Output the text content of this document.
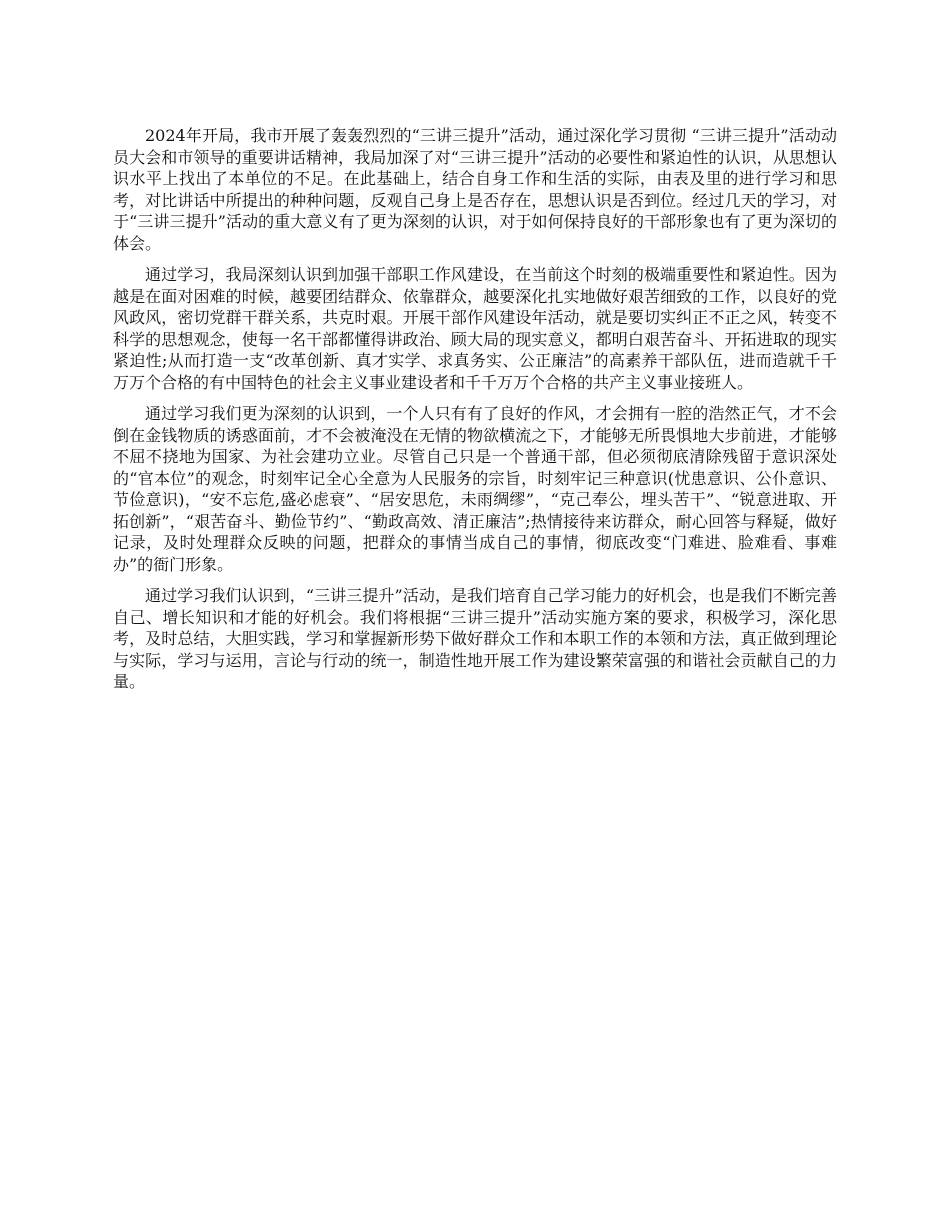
2024年开局，我市开展了轰轰烈烈的“三讲三提升”活动，通过深化学习贯彻 “三讲三提升”活动动员大会和市领导的重要讲话精神，我局加深了对“三讲三提升”活动的必要性和紧迫性的认识，从思想认识水平上找出了本单位的不足。在此基础上，结合自身工作和生活的实际，由表及里的进行学习和思考，对比讲话中所提出的种种问题，反观自己身上是否存在，思想认识是否到位。经过几天的学习，对于“三讲三提升”活动的重大意义有了更为深刻的认识，对于如何保持良好的干部形象也有了更为深切的体会。

通过学习，我局深刻认识到加强干部职工作风建设，在当前这个时刻的极端重要性和紧迫性。因为越是在面对困难的时候，越要团结群众、依靠群众，越要深化扎实地做好艰苦细致的工作，以良好的党风政风，密切党群干群关系，共克时艰。开展干部作风建设年活动，就是要切实纠正不正之风，转变不科学的思想观念，使每一名干部都懂得讲政治、顾大局的现实意义，都明白艰苦奋斗、开拓进取的现实紧迫性;从而打造一支“改革创新、真才实学、求真务实、公正廉洁”的高素养干部队伍，进而造就千千万万个合格的有中国特色的社会主义事业建设者和千千万万个合格的共产主义事业接班人。

通过学习我们更为深刻的认识到，一个人只有有了良好的作风，才会拥有一腔的浩然正气，才不会倒在金钱物质的诱惑面前，才不会被淹没在无情的物欲横流之下，才能够无所畏惧地大步前进，才能够不屈不挠地为国家、为社会建功立业。尽管自己只是一个普通干部，但必须彻底清除残留于意识深处的“官本位”的观念，时刻牢记全心全意为人民服务的宗旨，时刻牢记三种意识(忧患意识、公仆意识、节俭意识)，“安不忘危,盛必虑衰”、“居安思危，未雨绸缪”，“克己奉公，埋头苦干”、“锐意进取、开拓创新”，“艰苦奋斗、勤俭节约”、“勤政高效、清正廉洁”;热情接待来访群众，耐心回答与释疑，做好记录，及时处理群众反映的问题，把群众的事情当成自己的事情，彻底改变“门难进、脸难看、事难办”的衙门形象。

通过学习我们认识到，“三讲三提升”活动，是我们培育自己学习能力的好机会，也是我们不断完善自己、增长知识和才能的好机会。我们将根据“三讲三提升”活动实施方案的要求，积极学习，深化思考，及时总结，大胆实践，学习和掌握新形势下做好群众工作和本职工作的本领和方法，真正做到理论与实际，学习与运用，言论与行动的统一，制造性地开展工作为建设繁荣富强的和谐社会贡献自己的力量。
